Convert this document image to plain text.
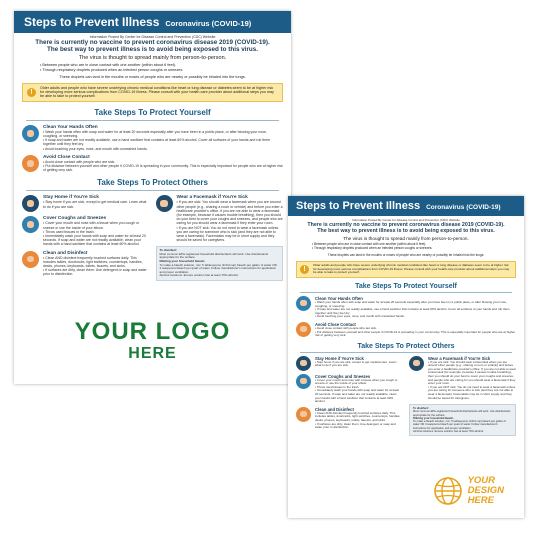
Steps to Prevent Illness Coronavirus (COVID-19)
Information Posted By Center for Disease Control and Prevention (CDC) Website
There is currently no vaccine to prevent coronavirus disease 2019 (COVID-19).
The best way to prevent illness is to avoid being exposed to this virus.
The virus is thought to spread mainly from person-to-person.
• Between people who are in close contact with one another (within about 6 feet).
• Through respiratory droplets produced when an infected person coughs or sneezes.
These droplets can land in the mouths or noses of people who are nearby or possibly be inhaled into the lungs.
!
Older adults and people who have severe underlying chronic medical conditions like heart or lung disease or diabetes seem to be at higher risk for developing more serious complications from COVID-19 illness. Please consult with your health care provider about additional steps you may be able to take to protect yourself.
Take Steps To Protect Yourself
Clean Your Hands Often
• Wash your hands often with soap and water for at least 20 seconds especially after you have been in a public place, or after blowing your nose, coughing, or sneezing.
• If soap and water are not readily available, use a hand sanitizer that contains at least 60% alcohol. Cover all surfaces of your hands and rub them together until they feel dry.
• Avoid touching your eyes, nose, and mouth with unwashed hands.
Avoid Close Contact
• Avoid close contact with people who are sick.
• Put distance between yourself and other people if COVID-19 is spreading in your community. This is especially important for people who are at higher risk of getting very sick.
Take Steps To Protect Others
Stay Home if You're Sick
• Stay home if you are sick, except to get medical care. Learn what to do if you are sick.
Cover Coughs and Sneezes
• Cover your mouth and nose with a tissue when you cough or sneeze or use the inside of your elbow.
• Throw used tissues in the trash.
• Immediately wash your hands with soap and water for at least 20 seconds. If soap and water are not readily available, clean your hands with a hand sanitizer that contains at least 60% alcohol.
Clean and Disinfect
• Clean AND disinfect frequently touched surfaces daily. This includes tables, doorknobs, light switches, countertops, handles, desks, phones, keyboards, toilets, faucets, and sinks.
• If surfaces are dirty, clean them: Use detergent or soap and water prior to disinfection.
Wear a Facemask if You're Sick
• If you are sick: You should wear a facemask when you are around other people (e.g., sharing a room or vehicle) and before you enter a healthcare provider's office. If you are not able to wear a facemask (for example, because it causes trouble breathing), then you should do your best to cover your coughs and sneezes, and people who are caring for you should wear a facemask if they enter your room.
• If you are NOT sick: You do not need to wear a facemask unless you are caring for someone who is sick (and they are not able to wear a facemask). Facemasks may be in short supply and they should be saved for caregivers.
To disinfect:
Most common EPA-registered household disinfectants will work. Use disinfectants appropriate for the surface.
Diluting your household bleach.
To make a bleach solution, mix: 5 tablespoons (1/3rd cup) bleach per gallon of water OR 4 teaspoons bleach per quart of water. Follow manufacturer's instructions for application and proper ventilation.
Alcohol solutions. Ensure solution has at least 70% alcohol.
YOUR LOGO
HERE
Steps to Prevent Illness Coronavirus (COVID-19)
Information Posted By Center for Disease Control and Prevention (CDC) Website
There is currently no vaccine to prevent coronavirus disease 2019 (COVID-19).
The best way to prevent illness is to avoid being exposed to this virus.
The virus is thought to spread mainly from person-to-person.
• Between people who are in close contact with one another (within about 6 feet).
• Through respiratory droplets produced when an infected person coughs or sneezes.
These droplets can land in the mouths or noses of people who are nearby or possibly be inhaled into the lungs.
!
Older adults and people who have severe underlying chronic medical conditions like heart or lung disease or diabetes seem to be at higher risk for developing more serious complications from COVID-19 illness. Please consult with your health care provider about additional steps you may be able to take to protect yourself.
Take Steps To Protect Yourself
Clean Your Hands Often
• Wash your hands often with soap and water for at least 20 seconds especially after you have been in a public place, or after blowing your nose, coughing, or sneezing.
• If soap and water are not readily available, use a hand sanitizer that contains at least 60% alcohol. Cover all surfaces of your hands and rub them together until they feel dry.
• Avoid touching your eyes, nose, and mouth with unwashed hands.
Avoid Close Contact
• Avoid close contact with people who are sick.
• Put distance between yourself and other people if COVID-19 is spreading in your community. This is especially important for people who are at higher risk of getting very sick.
Take Steps To Protect Others
Stay Home if You're Sick
• Stay home if you are sick, except to get medical care. Learn what to do if you are sick.
Cover Coughs and Sneezes
• Cover your mouth and nose with a tissue when you cough or sneeze or use the inside of your elbow.
• Throw used tissues in the trash.
• Immediately wash your hands with soap and water for at least 20 seconds. If soap and water are not readily available, clean your hands with a hand sanitizer that contains at least 60% alcohol.
Clean and Disinfect
• Clean AND disinfect frequently touched surfaces daily. This includes tables, doorknobs, light switches, countertops, handles, desks, phones, keyboards, toilets, faucets, and sinks.
• If surfaces are dirty, clean them: Use detergent or soap and water prior to disinfection.
Wear a Facemask if You're Sick
• If you are sick: You should wear a facemask when you are around other people (e.g., sharing a room or vehicle) and before you enter a healthcare provider's office. If you are not able to wear a facemask (for example, because it causes trouble breathing), then you should do your best to cover your coughs and sneezes, and people who are caring for you should wear a facemask if they enter your room.
• If you are NOT sick: You do not need to wear a facemask unless you are caring for someone who is sick (and they are not able to wear a facemask). Facemasks may be in short supply and they should be saved for caregivers.
To disinfect:
Most common EPA-registered household disinfectants will work. Use disinfectants appropriate for the surface.
Diluting your household bleach.
To make a bleach solution, mix: 5 tablespoons (1/3rd cup) bleach per gallon of water OR 4 teaspoons bleach per quart of water. Follow manufacturer's instructions for application and proper ventilation.
Alcohol solutions. Ensure solution has at least 70% alcohol.
YOUR
DESIGN
HERE
